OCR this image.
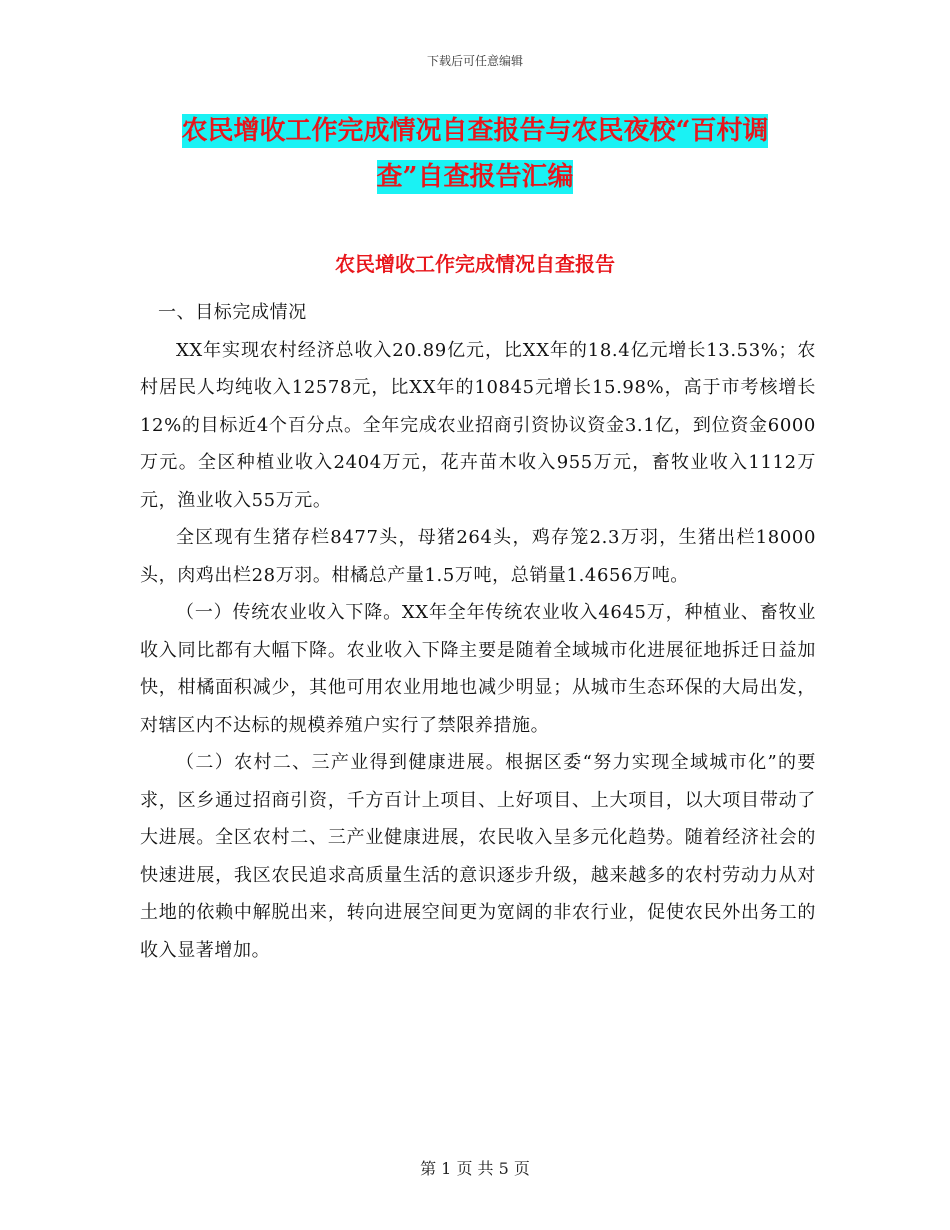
下载后可任意编辑
农民增收工作完成情况自查报告与农民夜校“百村调
查”自查报告汇编
农民增收工作完成情况自查报告

一、目标完成情况

XX年实现农村经济总收入20.89亿元，比XX年的18.4亿元增长13.53%；农村居民人均纯收入12578元，比XX年的10845元增长15.98%，高于市考核增长12%的目标近4个百分点。全年完成农业招商引资协议资金3.1亿，到位资金6000万元。全区种植业收入2404万元，花卉苗木收入955万元，畜牧业收入1112万元，渔业收入55万元。

全区现有生猪存栏8477头，母猪264头，鸡存笼2.3万羽，生猪出栏18000头，肉鸡出栏28万羽。柑橘总产量1.5万吨，总销量1.4656万吨。

（一）传统农业收入下降。XX年全年传统农业收入4645万，种植业、畜牧业收入同比都有大幅下降。农业收入下降主要是随着全域城市化进展征地拆迁日益加快，柑橘面积减少，其他可用农业用地也减少明显；从城市生态环保的大局出发，对辖区内不达标的规模养殖户实行了禁限养措施。

（二）农村二、三产业得到健康进展。根据区委“努力实现全域城市化”的要求，区乡通过招商引资，千方百计上项目、上好项目、上大项目，以大项目带动了大进展。全区农村二、三产业健康进展，农民收入呈多元化趋势。随着经济社会的快速进展，我区农民追求高质量生活的意识逐步升级，越来越多的农村劳动力从对土地的依赖中解脱出来，转向进展空间更为宽阔的非农行业，促使农民外出务工的收入显著增加。

第 1 页 共 5 页
